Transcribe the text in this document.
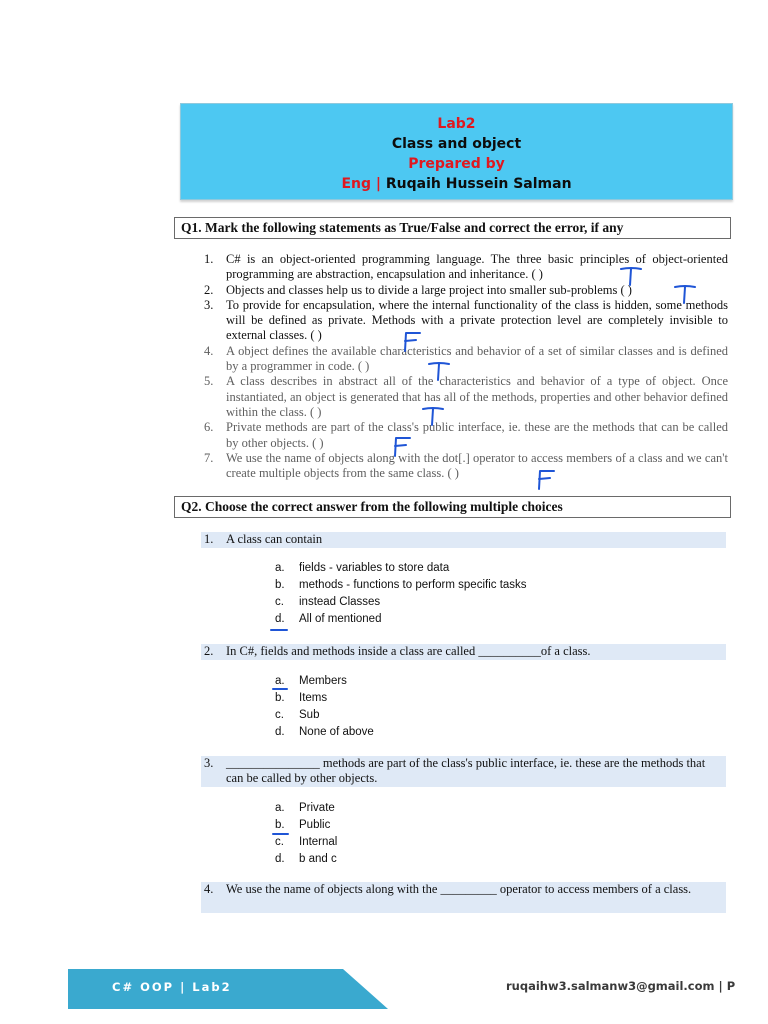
Lab2
Class and object
Prepared by
Eng | Ruqaih Hussein Salman
Q1. Mark the following statements as True/False and correct the error, if any
1.	C# is an object-oriented programming language. The three basic principles of object-oriented programming are abstraction, encapsulation and inheritance. ( )
2.	Objects and classes help us to divide a large project into smaller sub-problems ( )
3.	To provide for encapsulation, where the internal functionality of the class is hidden, some methods will be defined as private. Methods with a private protection level are completely invisible to external classes. ( )
4.	A object defines the available characteristics and behavior of a set of similar classes and is defined by a programmer in code. ( )
5.	A class describes in abstract all of the characteristics and behavior of a type of object. Once instantiated, an object is generated that has all of the methods, properties and other behavior defined within the class. ( )
6.	Private methods are part of the class's public interface, ie. these are the methods that can be called by other objects. ( )
7.	We use the name of objects along with the dot[.] operator to access members of a class and we can't create multiple objects from the same class. ( )
Q2. Choose the correct answer from the following multiple choices
1. A class can contain
a.	fields - variables to store data
b.	methods - functions to perform specific tasks
c.	instead Classes
d.	All of mentioned
2. In C#, fields and methods inside a class are called __________of a class.
a.	Members
b.	Items
c.	Sub
d.	None of above
3. _______________ methods are part of the class's public interface, ie. these are the methods that can be called by other objects.
a.	Private
b.	Public
c.	Internal
d.	b and c
4. We use the name of objects along with the _________ operator to access members of a class.
C# OOP | Lab2	ruqaihw3.salmanw3@gmail.com | P
